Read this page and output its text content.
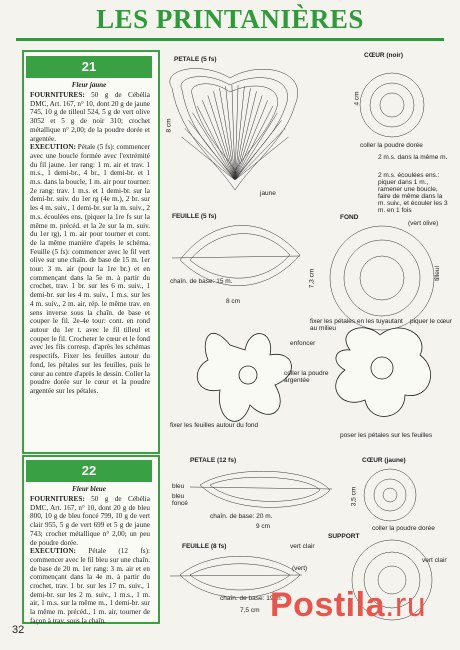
LES PRINTANIÈRES
21
Fleur jaune
FOURNITURES: 50 g de Cébélia DMC, Art. 167, n° 10, dont 20 g de jaune 745, 10 g de tilleul 524, 5 g de vert olive 3052 et 5 g de noir 310; crochet métallique n° 2,00; de la poudre dorée et argentée.
EXECUTION: Pétale (5 fs): commencer avec une boucle formée avec l'extrémité du fil jaune. 1er rang: 1 m. air et trav. 1 m.s., 1 demi-br., 4 br., 1 demi-br. et 1 m.s. dans la boucle, 1 m. air pour tourner. 2e rang: trav. 1 m.s. et 1 demi-br. sur la demi-br. suiv. du 1er rg (4e m.), 2 br. sur les 4 m. suiv., 1 demi-br. sur la m. suiv., 2 m.s. écoulées ens. (piquer la 1re fs sur la même m. précéd. et la 2e sur la m. suiv. du 1er rg), 1 m. air pour tourner et cont. de la même manière d'après le schéma. Feuille (5 fs): commencer avec le fil vert olive sur une chaîn. de base de 15 m. 1er tour: 3 m. air (pour la 1re br.) et en commençant dans la 5e m. à partir du crochet, trav. 1 br. sur les 6 m. suiv., 1 demi-br. sur les 4 m. suiv., 1 m.s. sur les 4 m. suiv., 2 m. air, rép. le même trav. en sens inverse sous la chaîn. de base et couper le fil. 2e-4e tour: cont. en rond autour du 1er t. avec le fil tilleul et couper le fil. Crocheter le cœur et le fond avec les fils corresp. d'après les schémas respectifs. Fixer les feuilles autour du fond, les pétales sur les feuilles, puis le cœur au centre d'après le dessin. Coller la poudre dorée sur le cœur et la poudre argentée sur les pétales.
PETALE (5 fs)
CŒUR (noir)
8 cm
4 cm
jaune
coller la poudre dorée
2 m.s. dans la même m.
2 m.s. écoulées ens.: piquer dans 1 m., ramener une boucle, faire de même dans la m. suiv., et écouler les 3 m. en 1 fois
FEUILLE (5 fs)	FOND
(vert olive)
tilleul
7,3 cm
chaîn. de base: 15 m.
8 cm
fixer les pétales en les tuyautant au milieu
piquer le cœur
enfoncer
coller la poudre argentée
fixer les feuilles autour du fond
poser les pétales sur les feuilles
22
Fleur bleue
FOURNITURES: 50 g de Cébélia DMC, Art. 167, n° 10, dont 20 g de bleu 800, 10 g de bleu foncé 799, 10 g de vert clair 955, 5 g de vert 699 et 5 g de jaune 743; crochet métallique n° 2,00; un peu de poudre dorée.
EXECUTION: Pétale (12 fs): commencer avec le fil bleu sur une chaîn. de base de 20 m. 1er rang: 3 m. air et en commençant dans la 4e m. à partir du crochet, trav. 1 br. sur les 17 m. suiv., 1 demi-br. sur les 2 m. suiv., 1 m.s., 1 m. air, 1 m.s. sur la même m., 1 demi-br. sur la même m. précéd., 1 m. air, tourner de façon à trav. sous la chaîn.
PETALE (12 fs)	CŒUR (jaune)
bleu
bleu foncé
chaîn. de base: 20 m.
9 cm
3,5 cm
coller la poudre dorée
SUPPORT
FEUILLE (8 fs)	vert clair
(vert)
vert clair
chaîn. de base: 19 m.
7,5 cm
32
Postila.ru
